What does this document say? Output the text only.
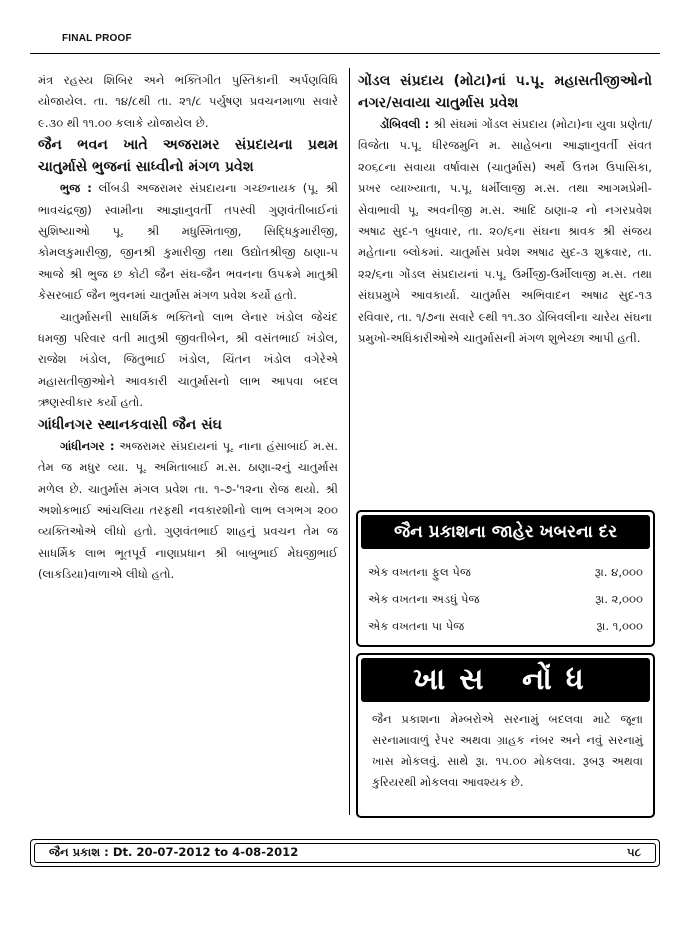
FINAL PROOF

મંત્ર રહસ્ય શિબિર અને ભક્તિગીત પુસ્તિકાની અર્પણવિધિ યોજાયેલ. તા. ૧૪/૮થી તા. ૨૧/૮ પર્યુષણ પ્રવચનમાળા સવારે ૯.૩૦ થી ૧૧.૦૦ કલાકે યોજાયેલ છે.

જૈન ભવન ખાતે અજરામર સંપ્રદાયના પ્રથમ ચાતુર્માસે ભુજનાં સાધ્વીનો મંગળ પ્રવેશ

ભુજ : લીંબડી અજરામર સંપ્રદાયના ગચ્છનાયક (પૂ. શ્રી ભાવચંદ્રજી) સ્વામીના આજ્ઞાનુવર્તી તપસ્વી ગુણવંતીબાઈનાં સુશિષ્યાઓ પૂ. શ્રી મધુસ્મિતાજી, સિદ્ધિકુમારીજી, કોમલકુમારીજી, જીનશ્રી કુમારીજી તથા ઉદ્યોતશ્રીજી ઠાણા-૫ આજે શ્રી ભુજ છ કોટી જૈન સંઘ-જૈન ભવનના ઉપક્રમે માતુશ્રી કેસરબાઈ જૈન ભુવનમાં ચાતુર્માસ મંગળ પ્રવેશ કર્યો હતો.

ચાતુર્માસની સાધર્મિક ભક્તિનો લાભ લેનાર ખંડોલ જેચંદ ધમજી પરિવાર વતી માતુશ્રી જીવતીબેન, શ્રી વસંતભાઈ ખંડોલ, રાજેશ ખંડોલ, જિતુભાઈ ખંડોલ, ચિંતન ખંડોલ વગેરેએ મહાસતીજીઓને આવકારી ચાતુર્માસનો લાભ આપવા બદલ ઋણસ્વીકાર કર્યો હતો.

ગાંધીનગર સ્થાનકવાસી જૈન સંઘ

ગાંધીનગર : અજરામર સંપ્રદાયનાં પૂ. નાના હંસાબાઈ મ.સ. તેમ જ મધુર વ્યા. પૂ. અમિતાબાઈ મ.સ. ઠાણા-૨નું ચાતુર્માસ મળેલ છે. ચાતુર્માસ મંગલ પ્રવેશ તા. ૧-૭-'૧૨ના રોજ થયો. શ્રી અશોકભાઈ આંચલિયા તરફથી નવકારશીનો લાભ લગભગ ૨૦૦ વ્યક્તિઓએ લીધો હતો. ગુણવંતભાઈ શાહનું પ્રવચન તેમ જ સાધર્મિક લાભ ભૂતપૂર્વ નાણાપ્રધાન શ્રી બાબુભાઈ મેઘજીભાઈ (લાકડિયા)વાળાએ લીધો હતો.

ગોંડલ સંપ્રદાય (મોટા)નાં પ.પૂ. મહાસતીજીઓનો નગર/સવાયા ચાતુર્માસ પ્રવેશ

ડોંબિવલી : શ્રી સંઘમાં ગોંડલ સંપ્રદાય (મોટા)ના યુવા પ્રણેતા/વિજેતા પ.પૂ. ધીરજમુનિ મ. સાહેબના આજ્ઞાનુવર્તી સંવત ૨૦૬૮ના સવાયા વર્ષાવાસ (ચાતુર્માસ) અર્થે ઉત્તમ ઉપાસિકા, પ્રખર વ્યાખ્યાતા, પ.પૂ. ધર્મીલાજી મ.સ. તથા આગમપ્રેમી-સેવાભાવી પૂ. અવનીજી મ.સ. આદિ ઠાણા-૨ નો નગરપ્રવેશ અષાઢ સુદ-૧ બુધવાર, તા. ૨૦/૬ના સંઘના શ્રાવક શ્રી સંજય મહેતાના બ્લોકમાં. ચાતુર્માસ પ્રવેશ અષાઢ સુદ-૩ શુક્રવાર, તા. ૨૨/૬ના ગોંડલ સંપ્રદાયનાં પ.પૂ. ઉર્મીજી-ઉર્મીલાજી મ.સ. તથા સંઘપ્રમુખે આવકાર્યા. ચાતુર્માસ અભિવાદન અષાઢ સુદ-૧૩ રવિવાર, તા. ૧/૭ના સવારે ૯થી ૧૧.૩૦ ડોંબિવલીના ચારેય સંઘના પ્રમુખો-અધિકારીઓએ ચાતુર્માસની મંગળ શુભેચ્છા આપી હતી.

જૈન પ્રકાશના જાહેર ખબરના દર
એક વખતના ફુલ પેજ	રૂા. ૪,૦૦૦
એક વખતના અડધું પેજ	રૂા. ૨,૦૦૦
એક વખતના પા પેજ	રૂા. ૧,૦૦૦
ખાસ નોંધ
જૈન પ્રકાશના મેમ્બરોએ સરનામું બદલવા માટે જૂના સરનામાવાળું રેપર અથવા ગ્રાહક નંબર અને નવું સરનામું ખાસ મોકલવું. સાથે રૂા. ૧૫.૦૦ મોકલવા. રૂબરૂ અથવા કુરિયરથી મોકલવા આવશ્યક છે.
જૈન પ્રકાશ : Dt. 20-07-2012 to 4-08-2012	૫૮
